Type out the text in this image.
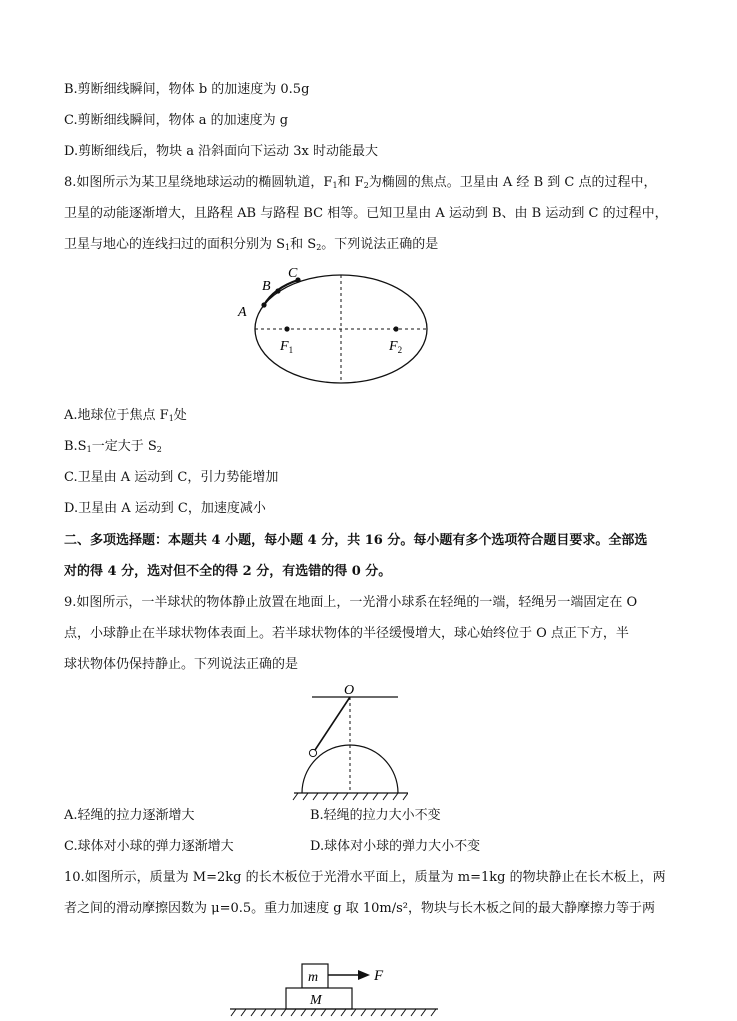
B.剪断细线瞬间，物体 b 的加速度为 0.5g
C.剪断细线瞬间，物体 a 的加速度为 g
D.剪断细线后，物块 a 沿斜面向下运动 3x 时动能最大
8.如图所示为某卫星绕地球运动的椭圆轨道，$F_1$和 $F_2$为椭圆的焦点。卫星由 A 经 B 到 C 点的过程中，
卫星的动能逐渐增大，且路程 AB 与路程 BC 相等。已知卫星由 A 运动到 B、由 B 运动到 C 的过程中，
卫星与地心的连线扫过的面积分别为 $S_1$和 $S_2$。下列说法正确的是
A
B
C
$F_1$	$F_2$
A.地球位于焦点 $F_1$处
$B.S_1$一定大于 $S_2$
C.卫星由 A 运动到 C，引力势能增加
D.卫星由 A 运动到 C，加速度减小
二、多项选择题：本题共 4 小题，每小题 4 分，共 16 分。每小题有多个选项符合题目要求。全部选
对的得 4 分，选对但不全的得 2 分，有选错的得 0 分。
9.如图所示，一半球状的物体静止放置在地面上，一光滑小球系在轻绳的一端，轻绳另一端固定在 O
点，小球静止在半球状物体表面上。若半球状物体的半径缓慢增大，球心始终位于 O 点正下方，半
球状物体仍保持静止。下列说法正确的是
O
A.轻绳的拉力逐渐增大	B.轻绳的拉力大小不变
C.球体对小球的弹力逐渐增大	D.球体对小球的弹力大小不变
10.如图所示，质量为 M=2kg 的长木板位于光滑水平面上，质量为 m=1kg 的物块静止在长木板上，两
者之间的滑动摩擦因数为 μ=0.5。重力加速度 g 取 10m/s²，物块与长木板之间的最大静摩擦力等于两
m	F
M
